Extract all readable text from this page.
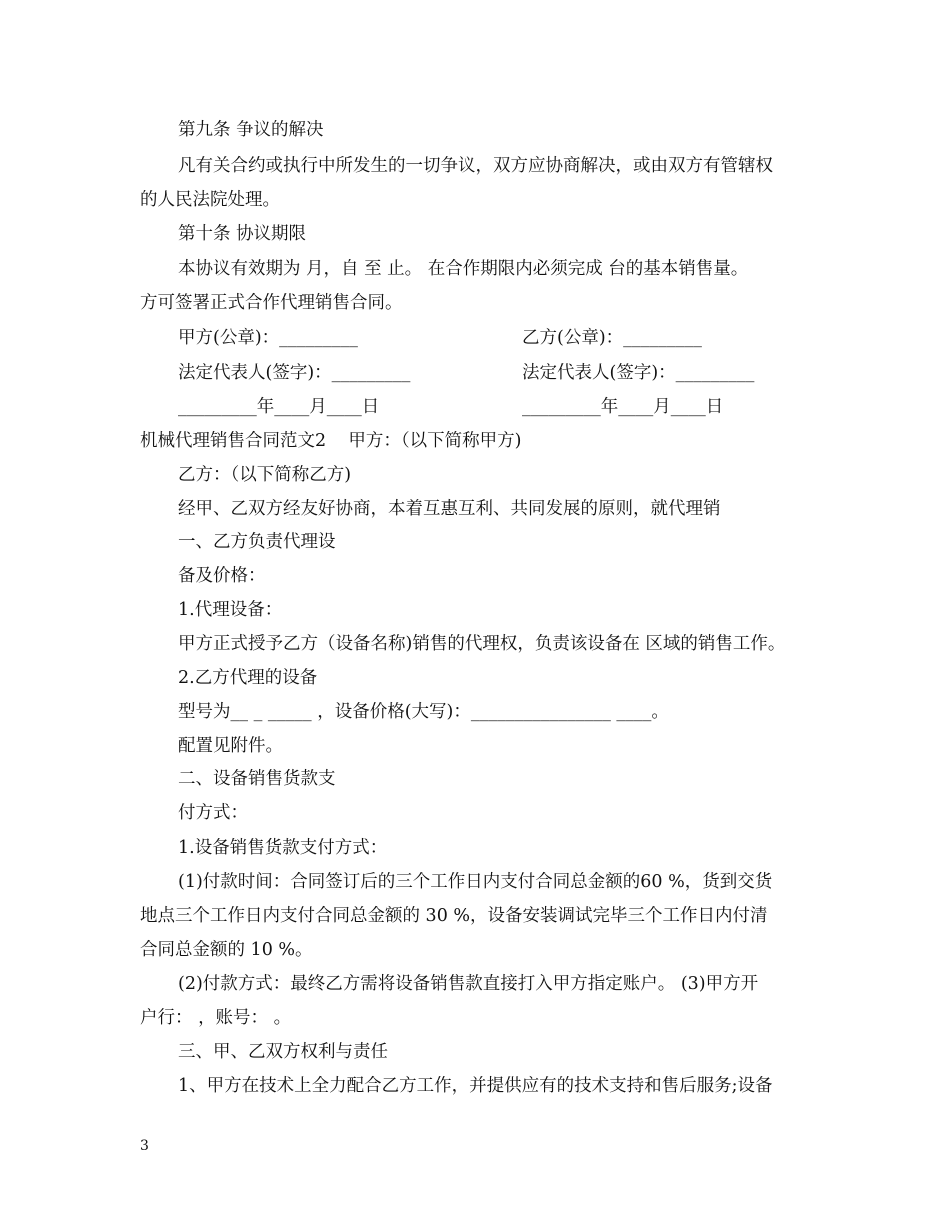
第九条 争议的解决
凡有关合约或执行中所发生的一切争议，双方应协商解决，或由双方有管辖权
的人民法院处理。
第十条 协议期限
本协议有效期为 月，自 至 止。 在合作期限内必须完成 台的基本销售量。
方可签署正式合作代理销售合同。
甲方(公章)：_________	乙方(公章)：_________
法定代表人(签字)：_________	法定代表人(签字)：_________
_________年____月____日	_________年____月____日
机械代理销售合同范文2    甲方：（以下简称甲方)
乙方：（以下简称乙方)
经甲、乙双方经友好协商，本着互惠互利、共同发展的原则，就代理销
一、乙方负责代理设
备及价格：
1.代理设备：
甲方正式授予乙方（设备名称)销售的代理权，负责该设备在 区域的销售工作。
2.乙方代理的设备
型号为__ _ _____ ，设备价格(大写)：________________ ____。
配置见附件。
二、设备销售货款支
付方式：
1.设备销售货款支付方式：
(1)付款时间：合同签订后的三个工作日内支付合同总金额的60 %，货到交货
地点三个工作日内支付合同总金额的 30 %，设备安装调试完毕三个工作日内付清
合同总金额的 10 %。
(2)付款方式：最终乙方需将设备销售款直接打入甲方指定账户。 (3)甲方开
户行： ，账号： 。
三、甲、乙双方权利与责任
1、甲方在技术上全力配合乙方工作，并提供应有的技术支持和售后服务;设备
3
